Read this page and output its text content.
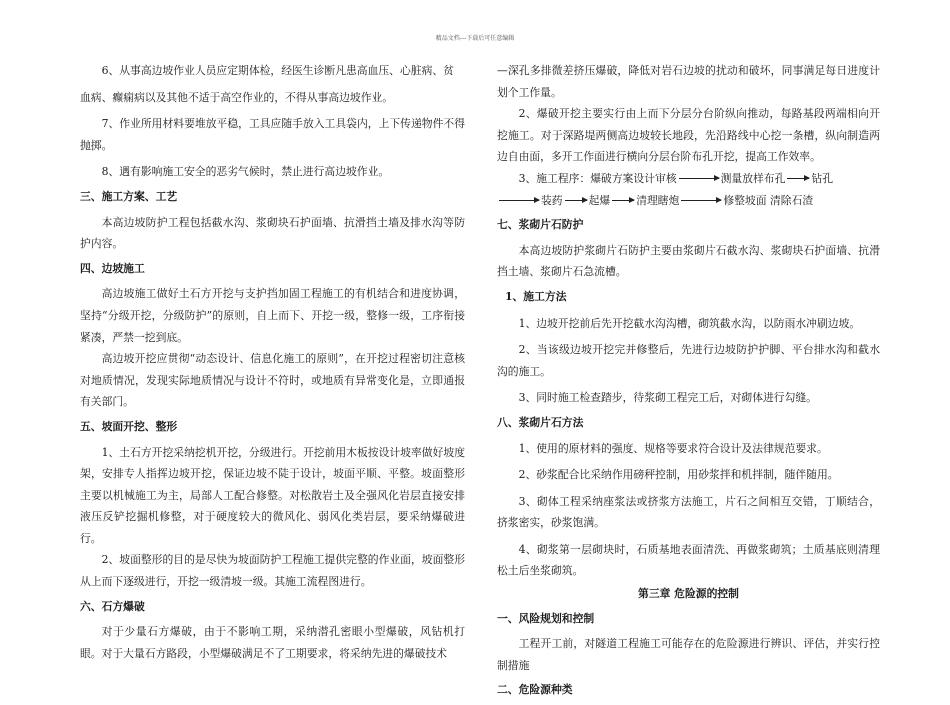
精品文档---下载后可任意编辑

6、从事高边坡作业人员应定期体检，经医生诊断凡患高血压、心脏病、贫

血病、癫痫病以及其他不适于高空作业的，不得从事高边坡作业。

7、作业所用材料要堆放平稳，工具应随手放入工具袋内，上下传递物件不得抛掷。

8、遇有影响施工安全的恶劣气候时，禁止进行高边坡作业。

三、施工方案、工艺

本高边坡防护工程包括截水沟、浆砌块石护面墙、抗滑挡土墙及排水沟等防护内容。

四、边坡施工

高边坡施工做好土石方开挖与支护挡加固工程施工的有机结合和进度协调，坚持“分级开挖，分级防护”的原则，自上而下、开挖一级，整修一级，工序衔接紧凑，严禁一挖到底。

高边坡开挖应贯彻“动态设计、信息化施工的原则”，在开挖过程密切注意核对地质情况，发现实际地质情况与设计不符时，或地质有异常变化是，立即通报有关部门。

五、坡面开挖、整形

1、土石方开挖采纳挖机开挖，分级进行。开挖前用木板按设计坡率做好坡度架，安排专人指挥边坡开挖，保证边坡不陡于设计，坡面平顺、平整。坡面整形主要以机械施工为主，局部人工配合修整。对松散岩土及全强风化岩层直接安排液压反铲挖掘机修整，对于硬度较大的微风化、弱风化类岩层，要采纳爆破进行。

2、坡面整形的目的是尽快为坡面防护工程施工提供完整的作业面，坡面整形从上而下逐级进行，开挖一级清坡一级。其施工流程图进行。

六、石方爆破

对于少量石方爆破，由于不影响工期，采纳潜孔密眼小型爆破，风钻机打眼。对于大量石方路段，小型爆破满足不了工期要求，将采纳先进的爆破技术

—深孔多排微差挤压爆破，降低对岩石边坡的扰动和破坏，同事满足每日进度计划个工作量。

2、爆破开挖主要实行由上而下分层分台阶纵向推动，每路基段两端相向开挖施工。对于深路堤两侧高边坡较长地段，先沿路线中心挖一条槽，纵向制造两边自由面，多开工作面进行横向分层台阶布孔开挖，提高工作效率。

3、施工程序：爆破方案设计审核	测量放样布孔 钻孔

装药 起爆 清理瞎炮	修整坡面 清除石渣

七、浆砌片石防护

本高边坡防护浆砌片石防护主要由浆砌片石截水沟、浆砌块石护面墙、抗滑挡土墙、浆砌片石急流槽。

1、施工方法

1、边坡开挖前后先开挖截水沟沟槽，砌筑截水沟，以防雨水冲刷边坡。

2、当该级边坡开挖完并修整后，先进行边坡防护护脚、平台排水沟和截水沟的施工。

3、同时施工检查踏步，待浆砌工程完工后，对砌体进行勾缝。

八、浆砌片石方法

1、使用的原材料的强度、规格等要求符合设计及法律规范要求。

2、砂浆配合比采纳作用磅秤控制，用砂浆拌和机拌制，随伴随用。

3、砌体工程采纳座浆法或挤浆方法施工，片石之间相互交错，丁顺结合，挤浆密实，砂浆饱满。

4、砌浆第一层砌块时，石质基地表面清洗、再做浆砌筑；土质基底则清理松土后坐浆砌筑。

第三章 危险源的控制

一、风险规划和控制

工程开工前，对隧道工程施工可能存在的危险源进行辨识、评估，并实行控制措施

二、危险源种类
